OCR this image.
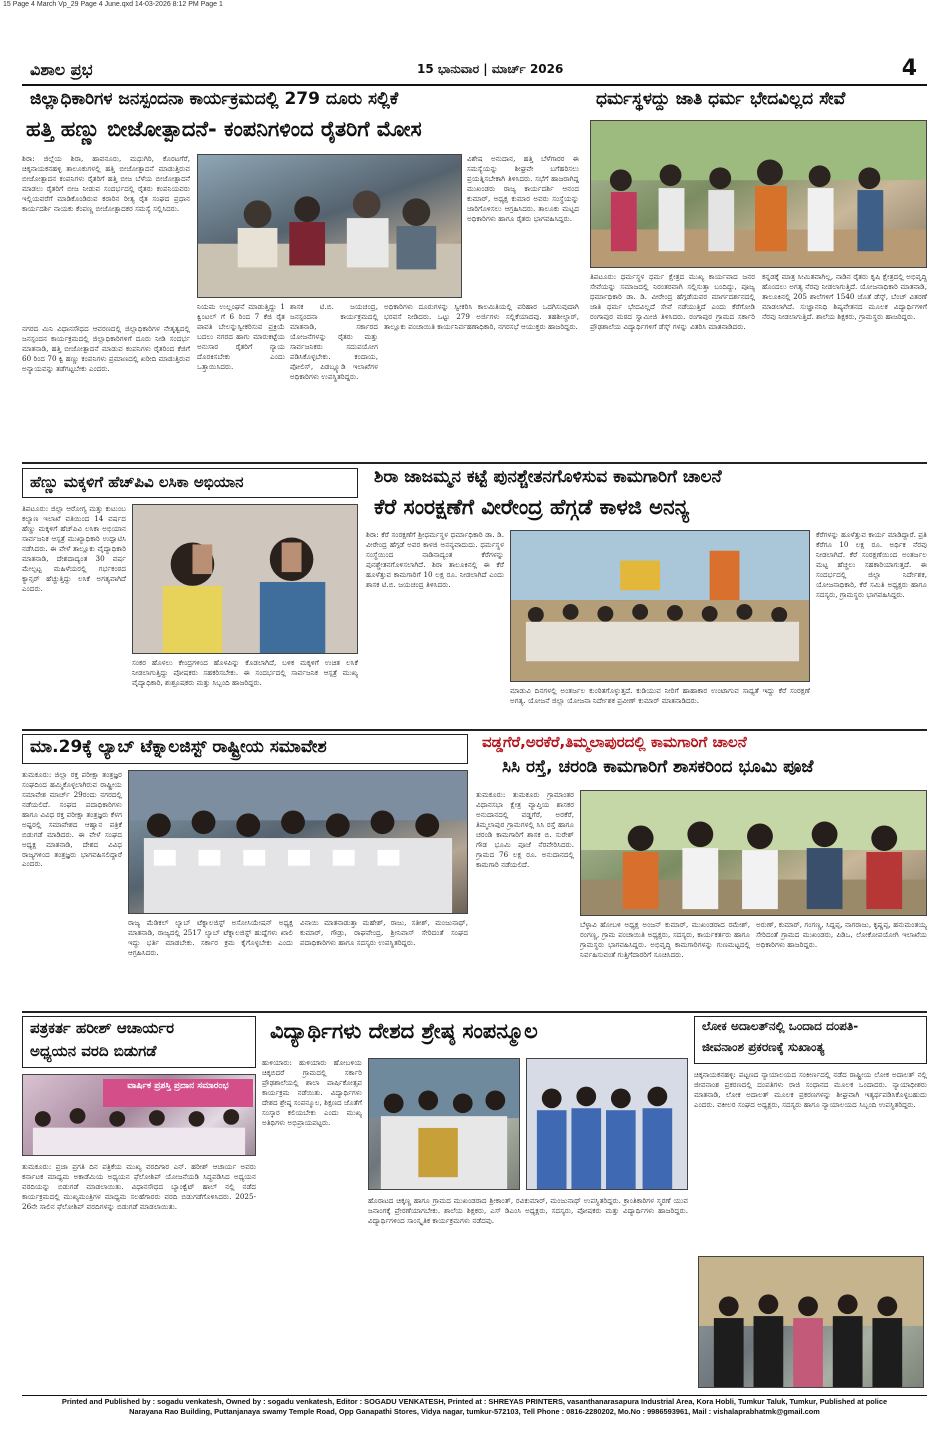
15 Page 4 March Vp_29 Page 4 June.qxd 14-03-2026 8:12 PM Page 1
ವಿಶಾಲ ಪ್ರಭ	15 ಭಾನುವಾರ | ಮಾರ್ಚ್ 2026	4
ಜಿಲ್ಲಾಧಿಕಾರಿಗಳ ಜನಸ್ಪಂದನಾ ಕಾರ್ಯಕ್ರಮದಲ್ಲಿ 279 ದೂರು ಸಲ್ಲಿಕೆ
ಹತ್ತಿ ಹಣ್ಣು ಬೀಜೋತ್ಪಾದನೆ- ಕಂಪನಿಗಳಿಂದ ರೈತರಿಗೆ ಮೋಸ
ಶಿರಾ: ಜಿಲ್ಲೆಯ ಶಿರಾ, ಹಾವನೂರು, ಮಧುಗಿರಿ, ಕೊರಟಗೆರೆ, ಚಿಕ್ಕನಾಯಕನಹಳ್ಳಿ ತಾಲೂಕುಗಳಲ್ಲಿ ಹತ್ತಿ ಬೀಜೋತ್ಪಾದನೆ ಮಾಡುತ್ತಿರುವ ಬೀಜೋತ್ಪಾದನ ಕಂಪನಿಗಳು ರೈತರಿಗೆ ಹತ್ತಿ ಬೀಜ ಬೆಳೆಯ ಬೀಜೋತ್ಪಾದನೆ ಮಾಡಲು ರೈತರಿಗೆ ಬೀಜ ನೀಡುವ ಸಂದರ್ಭದಲ್ಲಿ ರೈತರು ಕಂಪನಿಯವರು ಇಲ್ಲಿಯವರೆಗೆ ಮಾಡಿಕೊಂಡಿರುವ ಕರಾರಿನ ರೀತ್ಯ ರೈತ ಸಂಘದ ಪ್ರಧಾನ ಕಾರ್ಯದರ್ಶಿ ನಾಯಕು ಕೆಂಪಣ್ಣ ಬೀಜೋತ್ಪಾದಕರ ಸಮಸ್ಯೆ ಸಲ್ಲಿಸಿದರು.
ವಿಶೇಷ ಅನುದಾನ, ಹತ್ತಿ ಬೆಳೆಗಾರರ ಈ ಸಮಸ್ಯೆಯನ್ನು ಶೀಘ್ರವೇ ಬಗೆಹರಿಸಲು ಪ್ರಯತ್ನಿಸಬೇಕಾಗಿ ತಿಳಿಸಿದರು. ಸಭೆಗೆ ಹಾಜರಾಗಿದ್ದ ಮುಖಂಡರು ರಾಜ್ಯ ಕಾರ್ಯದರ್ಶಿ ಆನಂದ ಕುಮಾರ್, ಅಧ್ಯಕ್ಷ ಕುಮಾರ ಅವರು ಸಂಸ್ಥೆಯನ್ನು ಜಾರಿಗೊಳಿಸಲು ಆಗ್ರಹಿಸಿದರು. ತಾಲೂಕು ಮಟ್ಟದ ಅಧಿಕಾರಿಗಳು ಹಾಗೂ ರೈತರು ಭಾಗವಹಿಸಿದ್ದರು.
ನಗರದ ಮಿನಿ ವಿಧಾನಸೌಧದ ಆವರಣದಲ್ಲಿ ಜಿಲ್ಲಾಧಿಕಾರಿಗಳ ನೇತೃತ್ವದಲ್ಲಿ ಜನಸ್ಪಂದನ ಕಾರ್ಯಕ್ರಮದಲ್ಲಿ ಜಿಲ್ಲಾಧಿಕಾರಿಗಳಿಗೆ ದೂರು ನೀಡಿ ಸಂದರ್ಭ ಮಾತನಾಡಿ, ಹತ್ತಿ ಬೀಜೋತ್ಪಾದನೆ ಮಾಡುವ ಕಂಪನಿಗಳು ರೈತರಿಂದ ಕೆಜಿಗೆ 60 ರಿಂದ 70 ಕ್ವಿ ಹಣ್ಣು ಕಂಪನಿಗಳು ಪ್ರಮಾಣದಲ್ಲಿ ಖರೀದಿ ಮಾಡುತ್ತಿರುವ ಅನ್ಯಾಯವನ್ನು ತಡೆಗಟ್ಟಬೇಕು ಎಂದರು.
ನಿಯಮ ಉಲ್ಲಂಘನೆ ಮಾಡುತ್ತಿದ್ದು 1 ಕ್ವಿಂಟಲ್ ಗೆ 6 ರಿಂದ 7 ಕೆಜಿ ರೈತ ಪಾವತಿ ಬೇಲನ್ನುಸ್ವೀಕರಿಸುವ ಪ್ರಕ್ರಿಯೆ ಬದಲು ನಗರದ ಹಾಗು ಮಾರುಕಟ್ಟೆಯ ಅನುಸಾರ ರೈತರಿಗೆ ನ್ಯಾಯ ದೊರಕಿಸಬೇಕು ಎಂದು ಒತ್ತಾಯಿಸಿದರು.
ಶಾಸಕ ಟಿ.ಬಿ. ಜಯಚಂದ್ರ, ಜನಸ್ಪಂದನಾ ಕಾರ್ಯಕ್ರಮದಲ್ಲಿ ಮಾತನಾಡಿ, ಸರ್ಕಾರದ ಯೋಜನೆಗಳನ್ನು ರೈತರು ಮತ್ತು ಸಾರ್ವಜನಿಕರು ಸದುಪಯೋಗ ಪಡಿಸಿಕೊಳ್ಳಬೇಕು. ಕಂದಾಯ, ಪೋಲಿಸ್, ಪಿಡಬ್ಲ್ಯೂಡಿ ಇಲಾಖೆಗಳ ಅಧಿಕಾರಿಗಳು ಉಪಸ್ಥಿತರಿದ್ದರು.
ಅಧಿಕಾರಿಗಳು ದೂರುಗಳನ್ನು ಸ್ವೀಕರಿಸಿ ಕಾಲಮಿತಿಯಲ್ಲಿ ಪರಿಹಾರ ಒದಗಿಸುವುದಾಗಿ ಭರವಸೆ ನೀಡಿದರು. ಒಟ್ಟು 279 ಅರ್ಜಿಗಳು ಸಲ್ಲಿಕೆಯಾದವು. ತಹಶೀಲ್ದಾರ್, ತಾಲ್ಲೂಕು ಪಂಚಾಯಿತಿ ಕಾರ್ಯನಿರ್ವಹಣಾಧಿಕಾರಿ, ನಗರಸಭೆ ಆಯುಕ್ತರು ಹಾಜರಿದ್ದರು.
ಧರ್ಮಸ್ಥಳದ್ದು ಜಾತಿ ಧರ್ಮ ಭೇದವಿಲ್ಲದ ಸೇವೆ
ತಿಪಟೂರು: ಧರ್ಮಸ್ಥಳ ಧರ್ಮ ಕ್ಷೇತ್ರದ ಮುಖ್ಯ ಕಾರ್ಯವಾದ ಜನರ ಸೇವೆಯನ್ನು ಸಮಾಜದಲ್ಲಿ ನಿರಂತರವಾಗಿ ಸಲ್ಲಿಸುತ್ತಾ ಬಂದಿದ್ದು, ಪೂಜ್ಯ ಧರ್ಮಾಧಿಕಾರಿ ಡಾ. ಡಿ. ವೀರೇಂದ್ರ ಹೆಗ್ಗಡೆಯವರ ಮಾರ್ಗದರ್ಶನದಲ್ಲಿ ಜಾತಿ ಧರ್ಮ ಭೇದವಿಲ್ಲದೆ ಸೇವೆ ನಡೆಯುತ್ತಿದೆ ಎಂದು ಕೆರೆಗೋಡಿ ರಂಗಾಪುರ ಮಠದ ಸ್ವಾಮೀಜಿ ತಿಳಿಸಿದರು. ರಂಗಾಪುರ ಗ್ರಾಮದ ಸರ್ಕಾರಿ ಪ್ರೌಢಶಾಲೆಯ ವಿದ್ಯಾರ್ಥಿಗಳಿಗೆ ಡೆಸ್ಕ್ ಗಳನ್ನು ವಿತರಿಸಿ ಮಾತನಾಡಿದರು.
ಕನ್ನಡಕ್ಕೆ ಮಾತ್ರ ಸೀಮಿತವಾಗಿಲ್ಲ, ನಾಡಿನ ರೈತರು ಕೃಷಿ ಕ್ಷೇತ್ರದಲ್ಲಿ ಅಭಿವೃದ್ಧಿ ಹೊಂದಲು ಅಗತ್ಯ ನೆರವು ನೀಡಲಾಗುತ್ತಿದೆ. ಯೋಜನಾಧಿಕಾರಿ ಮಾತನಾಡಿ, ತಾಲೂಕಿನಲ್ಲಿ 205 ಶಾಲೆಗಳಿಗೆ 1540 ಜೊತೆ ಡೆಸ್ಕ್, ಬೆಂಚ್ ವಿತರಣೆ ಮಾಡಲಾಗಿದೆ. ಸುಜ್ಞಾನನಿಧಿ ಶಿಷ್ಯವೇತನದ ಮೂಲಕ ವಿದ್ಯಾರ್ಥಿಗಳಿಗೆ ನೆರವು ನೀಡಲಾಗುತ್ತಿದೆ. ಶಾಲೆಯ ಶಿಕ್ಷಕರು, ಗ್ರಾಮಸ್ಥರು ಹಾಜರಿದ್ದರು.
ಹೆಣ್ಣು ಮಕ್ಕಳಿಗೆ ಹೆಚ್‌ಪಿವಿ ಲಸಿಕಾ ಅಭಿಯಾನ
ತಿಪಟೂರು: ಜಿಲ್ಲಾ ಆರೋಗ್ಯ ಮತ್ತು ಕುಟುಂಬ ಕಲ್ಯಾಣ ಇಲಾಖೆ ವತಿಯಿಂದ 14 ವರ್ಷದ ಹೆಣ್ಣು ಮಕ್ಕಳಿಗೆ ಹೆಚ್‌ಪಿವಿ ಲಸಿಕಾ ಅಭಿಯಾನ ಸಾರ್ವಜನಿಕ ಆಸ್ಪತ್ರೆ ಮುಖ್ಯಾಧಿಕಾರಿ ಉದ್ಘಾಟಿಸಿ ನಡೆಸಿದರು. ಈ ವೇಳೆ ತಾಲ್ಲೂಕು ವೈದ್ಯಾಧಿಕಾರಿ ಮಾತನಾಡಿ, ದೇಶದಾದ್ಯಂತ 30 ವರ್ಷ ಮೇಲ್ಪಟ್ಟ ಮಹಿಳೆಯರಲ್ಲಿ ಗರ್ಭಕಂಠದ ಕ್ಯಾನ್ಸರ್ ಹೆಚ್ಚುತ್ತಿದ್ದು ಲಸಿಕೆ ಅಗತ್ಯವಾಗಿದೆ ಎಂದರು.
ಸಂಕರ ಹೊಳಲು ಕೇಂದ್ರಗಳಿಂದ ಹೊಳಪಿನ್ನು ಕೊಡಲಾಗಿದೆ, ಬಳಿಕ ಮಕ್ಕಳಿಗೆ ಉಚಿತ ಲಸಿಕೆ ನೀಡಲಾಗುತ್ತಿದ್ದು ಪೋಷಕರು ಸಹಕರಿಸಬೇಕು. ಈ ಸಂದರ್ಭದಲ್ಲಿ ಸಾರ್ವಜನಿಕ ಆಸ್ಪತ್ರೆ ಮುಖ್ಯ ವೈದ್ಯಾಧಿಕಾರಿ, ಶುಶ್ರೂಷಕರು ಮತ್ತು ಸಿಬ್ಬಂದಿ ಹಾಜರಿದ್ದರು.
ಶಿರಾ ಜಾಜಮ್ಮನ ಕಟ್ಟೆ ಪುನಶ್ಚೇತನಗೊಳಿಸುವ ಕಾಮಗಾರಿಗೆ ಚಾಲನೆ
ಕೆರೆ ಸಂರಕ್ಷಣೆಗೆ ವೀರೇಂದ್ರ ಹೆಗ್ಗಡೆ ಕಾಳಜಿ ಅನನ್ಯ
ಶಿರಾ: ಕೆರೆ ಸಂರಕ್ಷಣೆಗೆ ಶ್ರೀಧರ್ಮಸ್ಥಳ ಧರ್ಮಾಧಿಕಾರಿ ಡಾ. ಡಿ. ವೀರೇಂದ್ರ ಹೆಗ್ಗಡೆ ಅವರ ಕಾಳಜಿ ಅನನ್ಯವಾದುದು. ಧರ್ಮಸ್ಥಳ ಸಂಸ್ಥೆಯಿಂದ ನಾಡಿನಾದ್ಯಂತ ಕೆರೆಗಳನ್ನು ಪುನಶ್ಚೇತನಗೊಳಿಸಲಾಗಿದೆ. ಶಿರಾ ತಾಲೂಕಿನಲ್ಲಿ ಈ ಕೆರೆ ಹೂಳೆತ್ತುವ ಕಾಮಗಾರಿಗೆ 10 ಲಕ್ಷ ರೂ. ನೀಡಲಾಗಿದೆ ಎಂದು ಶಾಸಕ ಟಿ.ಬಿ. ಜಯಚಂದ್ರ ತಿಳಿಸಿದರು.
ಮಾಡುವಿ ದಿನಗಳಲ್ಲಿ ಅಂತರ್ಜಲ ಕುಂಠಿತಗೊಳ್ಳುತ್ತದೆ. ಕುಡಿಯುವ ನೀರಿಗೆ ಹಾಹಾಕಾರ ಉಂಟಾಗುವ ಸಾಧ್ಯತೆ ಇದ್ದು ಕೆರೆ ಸಂರಕ್ಷಣೆ ಅಗತ್ಯ. ಯೋಜನೆ ಜಿಲ್ಲಾ ಯೋಜನಾ ನಿರ್ದೇಶಕ ಪ್ರವೀಣ್ ಕುಮಾರ್ ಮಾತನಾಡಿದರು.
ಕೆರೆಗಳನ್ನು ಹೂಳೆತ್ತುವ ಕಾರ್ಯ ಮಾಡಿದ್ದಾರೆ. ಪ್ರತಿ ಕೆರೆಗೂ 10 ಲಕ್ಷ ರೂ. ಅರ್ಥಿಕ ನೆರವು ನೀಡಲಾಗಿದೆ. ಕೆರೆ ಸಂರಕ್ಷಣೆಯಿಂದ ಅಂತರ್ಜಲ ಮಟ್ಟ ಹೆಚ್ಚಲು ಸಹಕಾರಿಯಾಗುತ್ತದೆ. ಈ ಸಂದರ್ಭದಲ್ಲಿ ಜಿಲ್ಲಾ ನಿರ್ದೇಶಕ, ಯೋಜನಾಧಿಕಾರಿ, ಕೆರೆ ಸಮಿತಿ ಅಧ್ಯಕ್ಷರು ಹಾಗೂ ಸದಸ್ಯರು, ಗ್ರಾಮಸ್ಥರು ಭಾಗವಹಿಸಿದ್ದರು.
ಮಾ.29ಕ್ಕೆ ಲ್ಯಾಬ್ ಟೆಕ್ನಾಲಜಿಸ್ಟ್ ರಾಷ್ಟ್ರೀಯ ಸಮಾವೇಶ
ತುಮಕೂರು: ಜಿಲ್ಲಾ ರಕ್ತ ಪರೀಕ್ಷಾ ತಂತ್ರಜ್ಞರ ಸಂಘದಿಂದ ಹಮ್ಮಿಕೊಳ್ಳಲಾಗಿರುವ ರಾಷ್ಟ್ರೀಯ ಸಮಾವೇಶ ಮಾರ್ಚ್ 29ರಂದು ನಗರದಲ್ಲಿ ನಡೆಯಲಿದೆ. ಸಂಘದ ಪದಾಧಿಕಾರಿಗಳು ಹಾಗೂ ವಿವಿಧ ರಕ್ತ ಪರೀಕ್ಷಾ ತಂತ್ರಜ್ಞರು ಕೆಳಗ ಅಷ್ಟರಲ್ಲಿ ಸಮಾವೇಶದ ಆಹ್ವಾನ ಪತ್ರಿಕೆ ಬಿಡುಗಡೆ ಮಾಡಿದರು. ಈ ವೇಳೆ ಸಂಘದ ಅಧ್ಯಕ್ಷ ಮಾತನಾಡಿ, ದೇಶದ ವಿವಿಧ ರಾಜ್ಯಗಳಿಂದ ತಂತ್ರಜ್ಞರು ಭಾಗವಹಿಸಲಿದ್ದಾರೆ ಎಂದರು.
ರಾಜ್ಯ ಮೆಡಿಕಲ್ ಲ್ಯಾಬ್ ಟೆಕ್ನಾಲಜಿಸ್ಟ್ ಅಸೋಸಿಯೇಷನ್ ಅಧ್ಯಕ್ಷ ಮಾತನಾಡಿ, ರಾಜ್ಯದಲ್ಲಿ 2517 ಲ್ಯಾಬ್ ಟೆಕ್ನಾಲಜಿಸ್ಟ್ ಹುದ್ದೆಗಳು ಖಾಲಿ ಇದ್ದು ಭರ್ತಿ ಮಾಡಬೇಕು. ಸರ್ಕಾರ ಕ್ರಮ ಕೈಗೊಳ್ಳಬೇಕು ಎಂದು ಆಗ್ರಹಿಸಿದರು.
ವಿನಾಯಿ ಮಾತನಾಡುತ್ತಾ ಮಹೇಶ್, ರಾಜು, ಸತೀಶ್, ಮಂಜುನಾಥ್, ಕುಮಾರ್, ಗೌಡ್ರು, ರಾಘವೇಂದ್ರ, ಶ್ರೀನಿವಾಸ್ ಸೇರಿದಂತೆ ಸಂಘದ ಪದಾಧಿಕಾರಿಗಳು ಹಾಗೂ ಸದಸ್ಯರು ಉಪಸ್ಥಿತರಿದ್ದರು.
ವಡ್ಡಗೆರೆ,ಅರಕೆರೆ,ತಿಮ್ಮಲಾಪುರದಲ್ಲಿ ಕಾಮಗಾರಿಗೆ ಚಾಲನೆ
ಸಿಸಿ ರಸ್ತೆ, ಚರಂಡಿ ಕಾಮಗಾರಿಗೆ ಶಾಸಕರಿಂದ ಭೂಮಿ ಪೂಜೆ
ತುಮಕೂರು: ತುಮಕೂರು ಗ್ರಾಮಾಂತರ ವಿಧಾನಸಭಾ ಕ್ಷೇತ್ರ ವ್ಯಾಪ್ತಿಯ ಶಾಸಕರ ಅನುದಾನದಲ್ಲಿ ವಡ್ಡಗೆರೆ, ಅರಕೆರೆ, ತಿಮ್ಮಲಾಪುರ ಗ್ರಾಮಗಳಲ್ಲಿ ಸಿಸಿ ರಸ್ತೆ ಹಾಗೂ ಚರಂಡಿ ಕಾಮಗಾರಿಗೆ ಶಾಸಕ ಬಿ. ಸುರೇಶ್ ಗೌಡ ಭೂಮಿ ಪೂಜೆ ನೆರವೇರಿಸಿದರು. ಗ್ರಾಮದ 76 ಲಕ್ಷ ರೂ. ಅನುದಾನದಲ್ಲಿ ಕಾಮಗಾರಿ ನಡೆಯಲಿದೆ.
ಬೆಳ್ಳಾವಿ ಹೋಬಳಿ ಅಧ್ಯಕ್ಷ ಅಂಜನ್ ಕುಮಾರ್, ಮುಖಂಡರಾದ ರಮೇಶ್, ರಂಗಣ್ಣ, ಗ್ರಾಮ ಪಂಚಾಯಿತಿ ಅಧ್ಯಕ್ಷರು, ಸದಸ್ಯರು, ಕಾರ್ಯಕರ್ತರು ಹಾಗೂ ಗ್ರಾಮಸ್ಥರು ಭಾಗವಹಿಸಿದ್ದರು. ಅಭಿವೃದ್ಧಿ ಕಾಮಗಾರಿಗಳನ್ನು ಗುಣಮಟ್ಟದಲ್ಲಿ ನಿರ್ವಹಿಸುವಂತೆ ಗುತ್ತಿಗೆದಾರರಿಗೆ ಸೂಚಿಸಿದರು.
ಅರುಣ್, ಕುಮಾರ್, ಗಂಗಣ್ಣ, ಸಿದ್ದಪ್ಪ, ನಾಗರಾಜು, ಕೃಷ್ಣಪ್ಪ, ಹನುಮಂತಯ್ಯ ಸೇರಿದಂತೆ ಗ್ರಾಮದ ಮುಖಂಡರು, ಪಿಡಿಒ, ಲೋಕೋಪಯೋಗಿ ಇಲಾಖೆಯ ಅಧಿಕಾರಿಗಳು ಹಾಜರಿದ್ದರು.
ಪತ್ರಕರ್ತ ಹರೀಶ್ ಆಚಾರ್ಯರ
ಅಧ್ಯಯನ ವರದಿ ಬಿಡುಗಡೆ
ವಾರ್ಷಿಕ ಪ್ರಶಸ್ತಿ ಪ್ರದಾನ ಸಮಾರಂಭ
ತುಮಕೂರು: ಪ್ರಜಾ ಪ್ರಗತಿ ದಿನ ಪತ್ರಿಕೆಯ ಮುಖ್ಯ ವರದಿಗಾರ ಎನ್. ಹರೀಶ್ ಆಚಾರ್ಯ ಅವರು ಕರ್ನಾಟಕ ಮಾಧ್ಯಮ ಅಕಾಡೆಮಿಯ ಅಧ್ಯಯನ ಫೆಲೋಶಿಪ್ ಯೋಜನೆಯಡಿ ಸಿದ್ಧಪಡಿಸಿದ ಅಧ್ಯಯನ ವರದಿಯನ್ನು ಬಿಡುಗಡೆ ಮಾಡಲಾಯಿತು. ವಿಧಾನಸೌಧದ ಬ್ಯಾಂಕ್ವೆಟ್ ಹಾಲ್ ನಲ್ಲಿ ನಡೆದ ಕಾರ್ಯಕ್ರಮದಲ್ಲಿ ಮುಖ್ಯಮಂತ್ರಿಗಳ ಮಾಧ್ಯಮ ಸಲಹೆಗಾರರು ವರದಿ ಬಿಡುಗಡೆಗೊಳಿಸಿದರು. 2025-26ನೇ ಸಾಲಿನ ಫೆಲೋಶಿಪ್ ವರದಿಗಳನ್ನು ಬಿಡುಗಡೆ ಮಾಡಲಾಯಿತು.
ವಿದ್ಯಾರ್ಥಿಗಳು ದೇಶದ ಶ್ರೇಷ್ಠ ಸಂಪನ್ಮೂಲ
ಹುಳಿಯಾರು: ಹುಳಿಯಾರು ಹೋಬಳಿಯ ಚಿಕ್ಕಬಿದರೆ ಗ್ರಾಮದಲ್ಲಿ ಸರ್ಕಾರಿ ಪ್ರೌಢಶಾಲೆಯಲ್ಲಿ ಶಾಲಾ ವಾರ್ಷಿಕೋತ್ಸವ ಕಾರ್ಯಕ್ರಮ ನಡೆಯಿತು. ವಿದ್ಯಾರ್ಥಿಗಳು ದೇಶದ ಶ್ರೇಷ್ಠ ಸಂಪನ್ಮೂಲ, ಶಿಕ್ಷಣದ ಜೊತೆಗೆ ಸಂಸ್ಕಾರ ಕಲಿಯಬೇಕು ಎಂದು ಮುಖ್ಯ ಅತಿಥಿಗಳು ಅಭಿಪ್ರಾಯಪಟ್ಟರು.
ಹೊರಾಟದ ಚಿಕ್ಕಣ್ಣ ಹಾಗೂ ಗ್ರಾಮದ ಮುಖಂಡರಾದ ಶ್ರೀಕಾಂತ್, ರವಿಕುಮಾರ್, ಮಂಜುನಾಥ್ ಉಪಸ್ಥಿತರಿದ್ದರು. ಕ್ರಾಂತಿಕಾರಿಗಳ ಸ್ಮರಣೆ ಯುವ ಜನಾಂಗಕ್ಕೆ ಪ್ರೇರಣೆಯಾಗಬೇಕು. ಶಾಲೆಯ ಶಿಕ್ಷಕರು, ಎಸ್ ಡಿಎಂಸಿ ಅಧ್ಯಕ್ಷರು, ಸದಸ್ಯರು, ಪೋಷಕರು ಮತ್ತು ವಿದ್ಯಾರ್ಥಿಗಳು ಹಾಜರಿದ್ದರು. ವಿದ್ಯಾರ್ಥಿಗಳಿಂದ ಸಾಂಸ್ಕೃತಿಕ ಕಾರ್ಯಕ್ರಮಗಳು ನಡೆದವು.
ಲೋಕ ಅದಾಲತ್‌ನಲ್ಲಿ ಒಂದಾದ ದಂಪತಿ-
ಜೀವನಾಂಶ ಪ್ರಕರಣಕ್ಕೆ ಸುಖಾಂತ್ಯ
ಚಿಕ್ಕನಾಯಕನಹಳ್ಳಿ: ಪಟ್ಟಣದ ನ್ಯಾಯಾಲಯದ ಸಂಕೀರ್ಣದಲ್ಲಿ ನಡೆದ ರಾಷ್ಟ್ರೀಯ ಲೋಕ ಅದಾಲತ್ ನಲ್ಲಿ ಜೀವನಾಂಶ ಪ್ರಕರಣದಲ್ಲಿ ದಂಪತಿಗಳು ರಾಜಿ ಸಂಧಾನದ ಮೂಲಕ ಒಂದಾದರು. ನ್ಯಾಯಾಧೀಶರು ಮಾತನಾಡಿ, ಲೋಕ ಅದಾಲತ್ ಮೂಲಕ ಪ್ರಕರಣಗಳನ್ನು ಶೀಘ್ರವಾಗಿ ಇತ್ಯರ್ಥಪಡಿಸಿಕೊಳ್ಳಬಹುದು ಎಂದರು. ವಕೀಲರ ಸಂಘದ ಅಧ್ಯಕ್ಷರು, ಸದಸ್ಯರು ಹಾಗೂ ನ್ಯಾಯಾಲಯದ ಸಿಬ್ಬಂದಿ ಉಪಸ್ಥಿತರಿದ್ದರು.
Printed and Published by : sogadu venkatesh, Owned by : sogadu venkatesh, Editor : SOGADU VENKATESH, Printed at : SHREYAS PRINTERS, vasanthanarasapura Industrial Area, Kora Hobli, Tumkur Taluk, Tumkur, Published at police
Narayana Rao Building, Puttanjanaya swamy Temple Road, Opp Ganapathi Stores, Vidya nagar, tumkur-572103, Tell Phone : 0816-2280202, Mo.No : 9986593961, Mail : vishalaprabhatmk@gmail.com
